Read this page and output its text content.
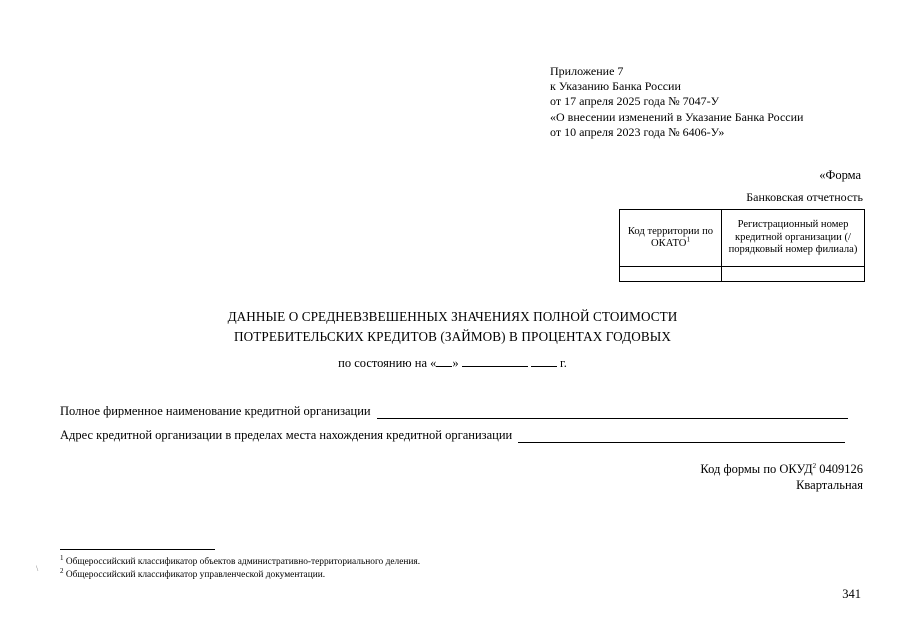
Приложение 7
к Указанию Банка России
от 17 апреля 2025 года № 7047-У
«О внесении изменений в Указание Банка России
от 10 апреля 2023 года № 6406-У»
«Форма
Банковская отчетность
Код территории по ОКАТО$^1$	Регистрационный номер кредитной организации (/ порядковый номер филиала)

ДАННЫЕ О СРЕДНЕВЗВЕШЕННЫХ ЗНАЧЕНИЯХ ПОЛНОЙ СТОИМОСТИ
ПОТРЕБИТЕЛЬСКИХ КРЕДИТОВ (ЗАЙМОВ) В ПРОЦЕНТАХ ГОДОВЫХ
по состоянию на « »	г.
Полное фирменное наименование кредитной организации
Адрес кредитной организации в пределах места нахождения кредитной организации
Код формы по ОКУД$^2$ 0409126
Квартальная
$^1$ Общероссийский классификатор объектов административно-территориального деления.
$^2$ Общероссийский классификатор управленческой документации.
\
341
